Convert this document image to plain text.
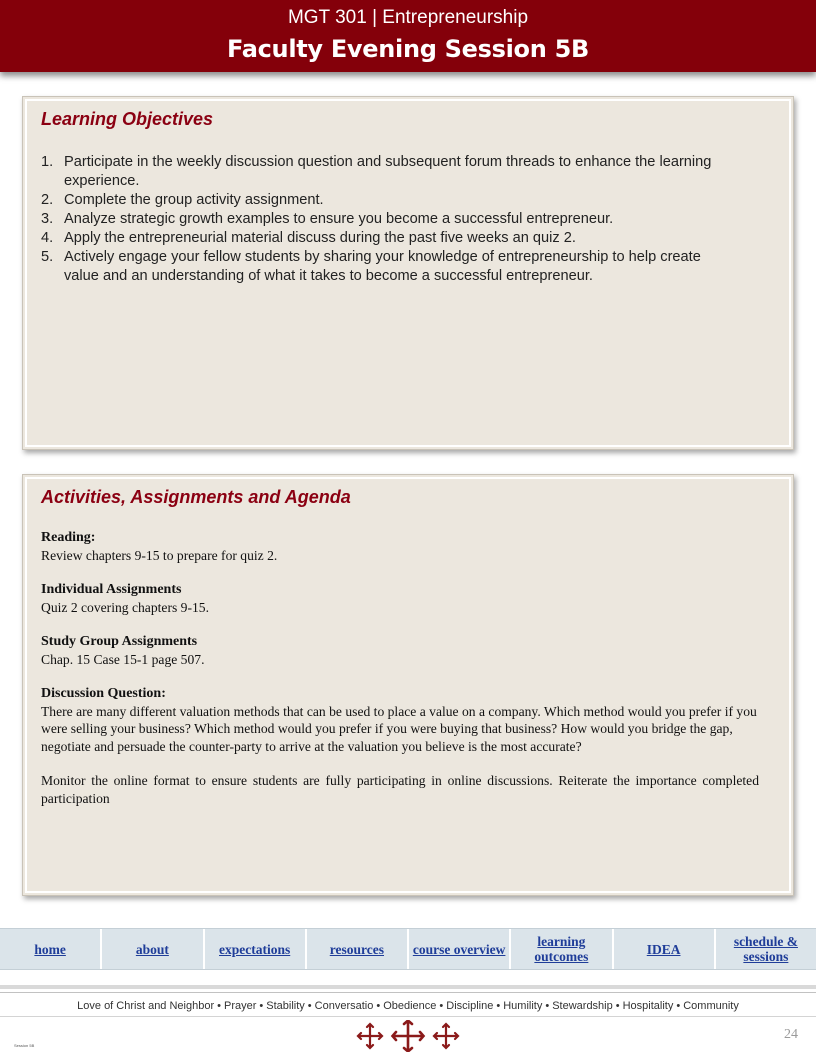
MGT 301 | Entrepreneurship
Faculty Evening Session 5B
Learning Objectives
1. Participate in the weekly discussion question and subsequent forum threads to enhance the learning experience.
2. Complete the group activity assignment.
3. Analyze strategic growth examples to ensure you become a successful entrepreneur.
4. Apply the entrepreneurial material discuss during the past five weeks an quiz 2.
5. Actively engage your fellow students by sharing your knowledge of entrepreneurship to help create value and an understanding of what it takes to become a successful entrepreneur.
Activities, Assignments and Agenda
Reading:
Review chapters 9-15 to prepare for quiz 2.
Individual Assignments
Quiz 2 covering chapters 9-15.
Study Group Assignments
Chap. 15 Case 15-1 page 507.
Discussion Question:
There are many different valuation methods that can be used to place a value on a company. Which method would you prefer if you were selling your business? Which method would you prefer if you were buying that business? How would you bridge the gap, negotiate and persuade the counter-party to arrive at the valuation you believe is the most accurate?
Monitor the online format to ensure students are fully participating in online discussions. Reiterate the importance completed participation
home	about	expectations	resources	course overview	learning outcomes	IDEA	schedule & sessions
Love of Christ and Neighbor • Prayer • Stability • Conversatio • Obedience • Discipline • Humility • Stewardship • Hospitality • Community
24
Session 5B
